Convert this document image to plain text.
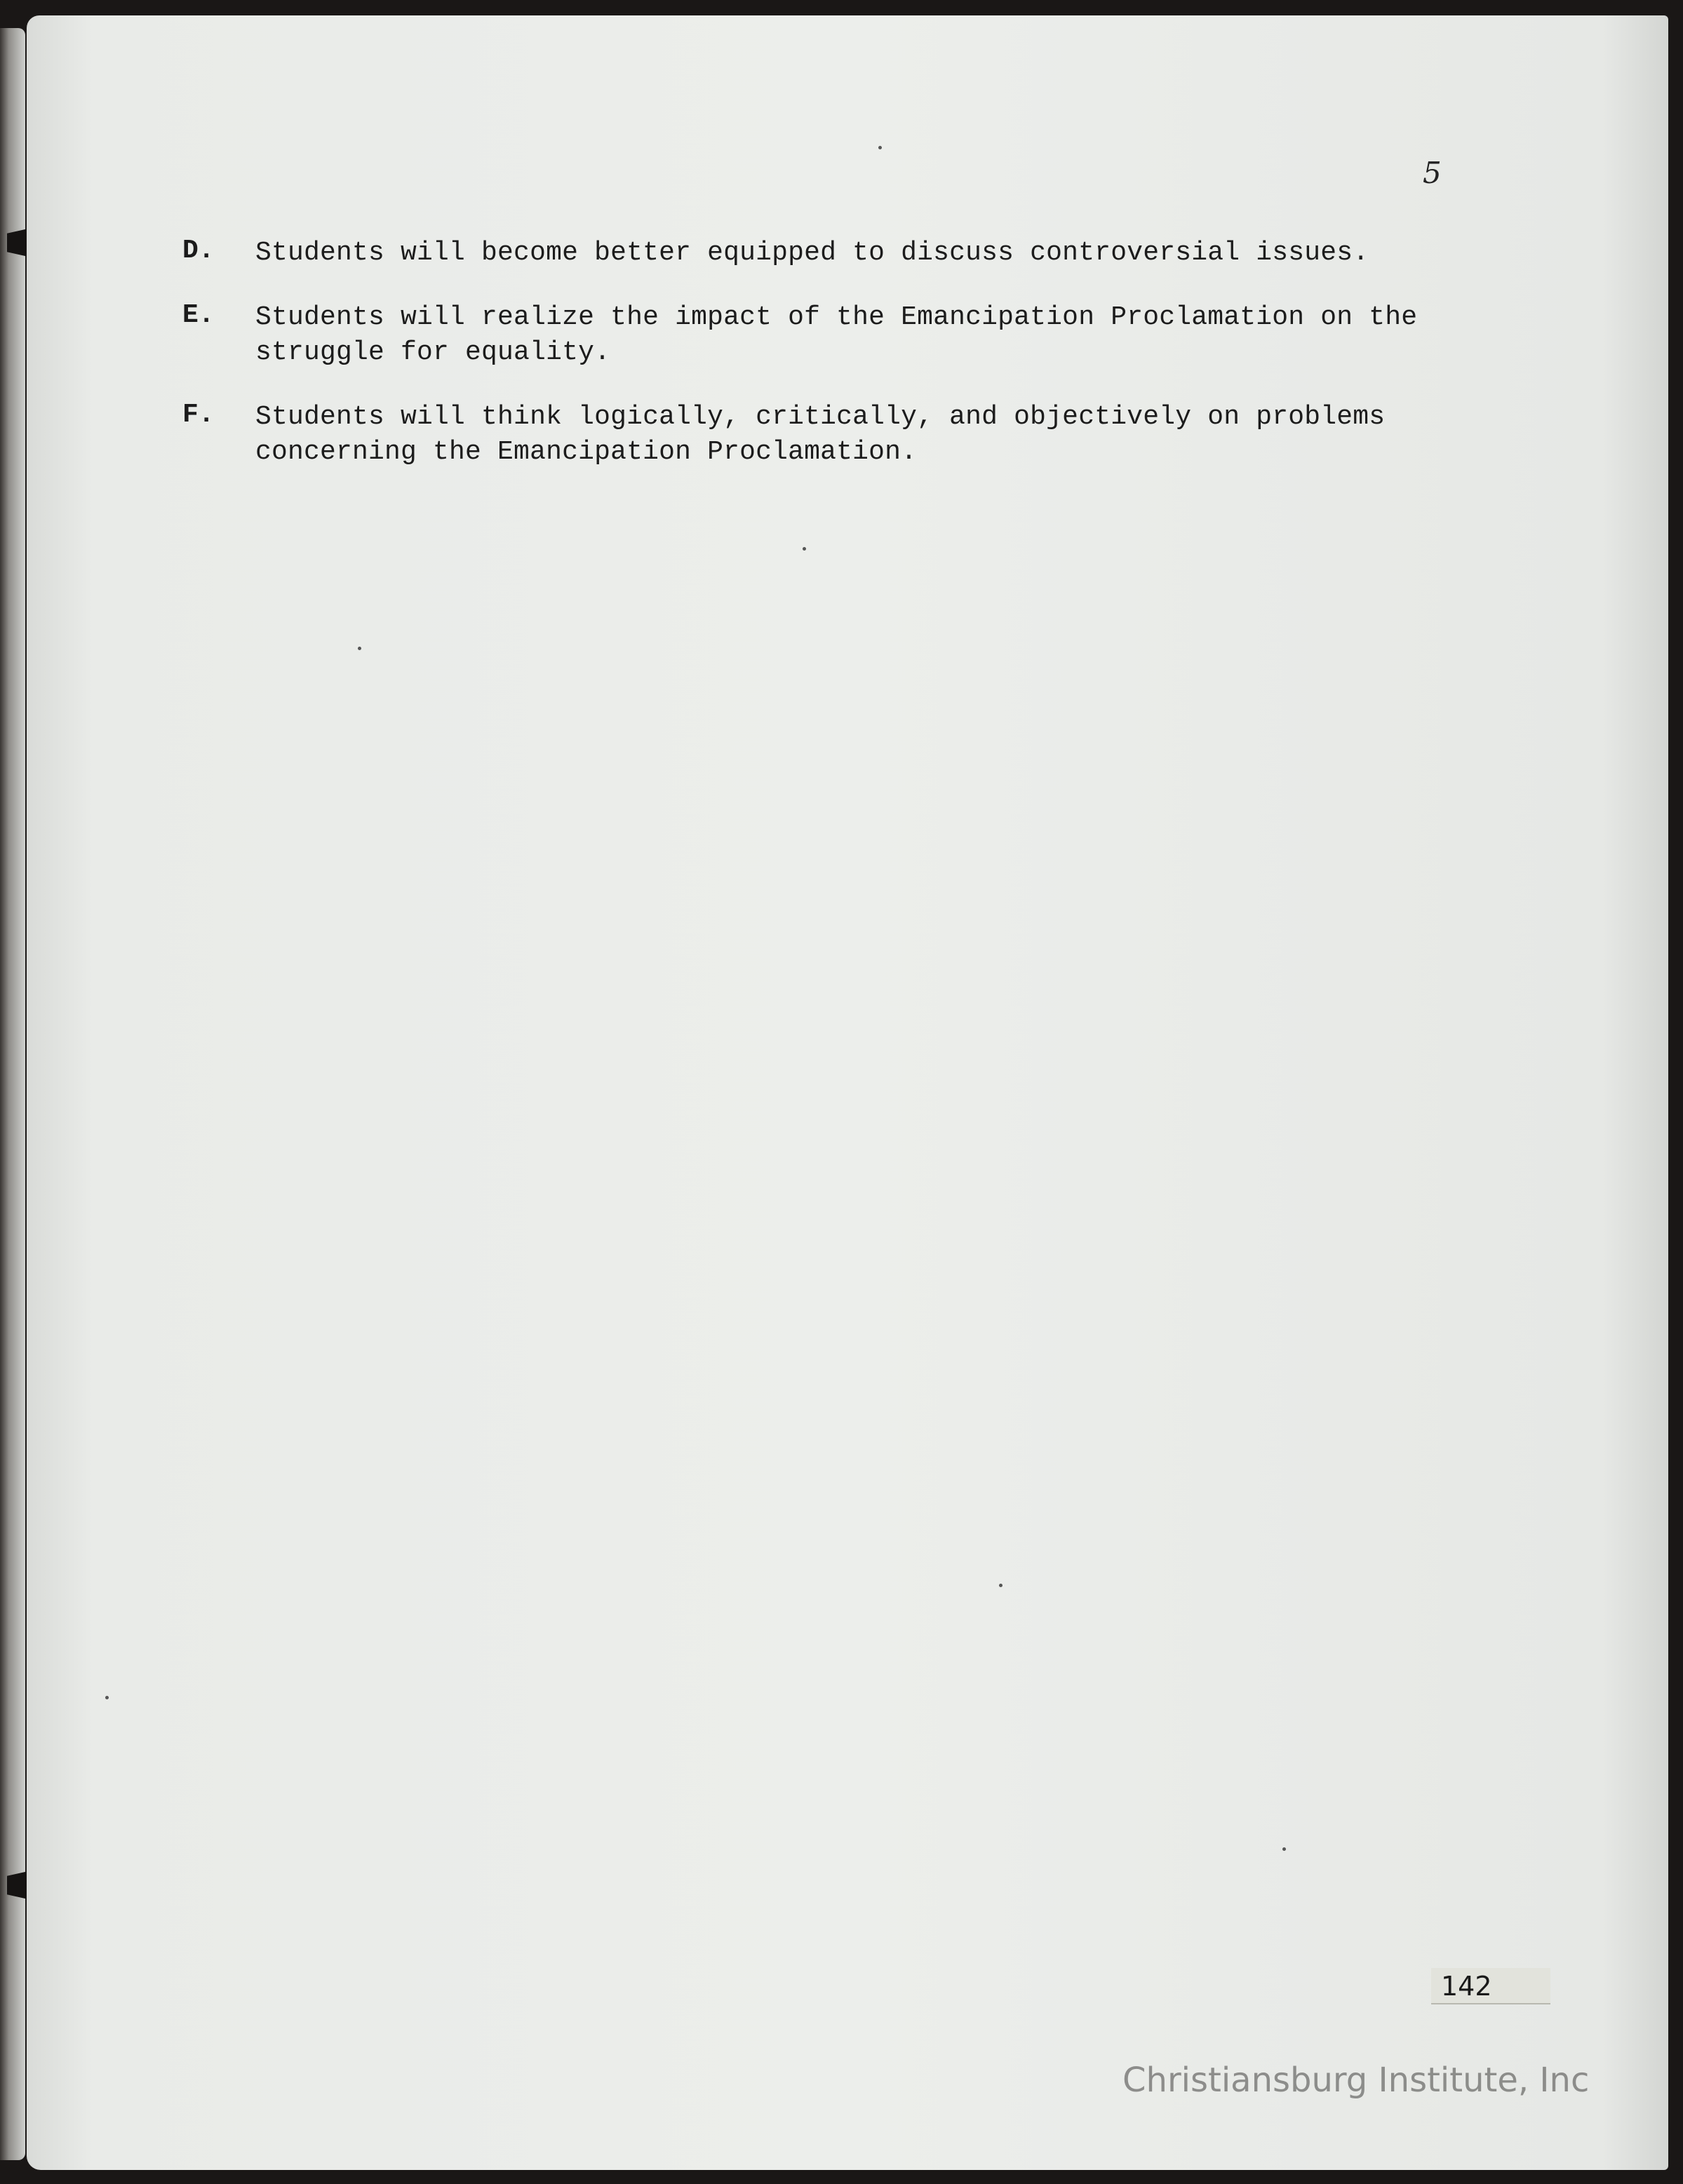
5
D. Students will become better equipped to discuss controversial issues.
E. Students will realize the impact of the Emancipation Proclamation on the struggle for equality.
F. Students will think logically, critically, and objectively on problems concerning the Emancipation Proclamation.
142
Christiansburg Institute, Inc
